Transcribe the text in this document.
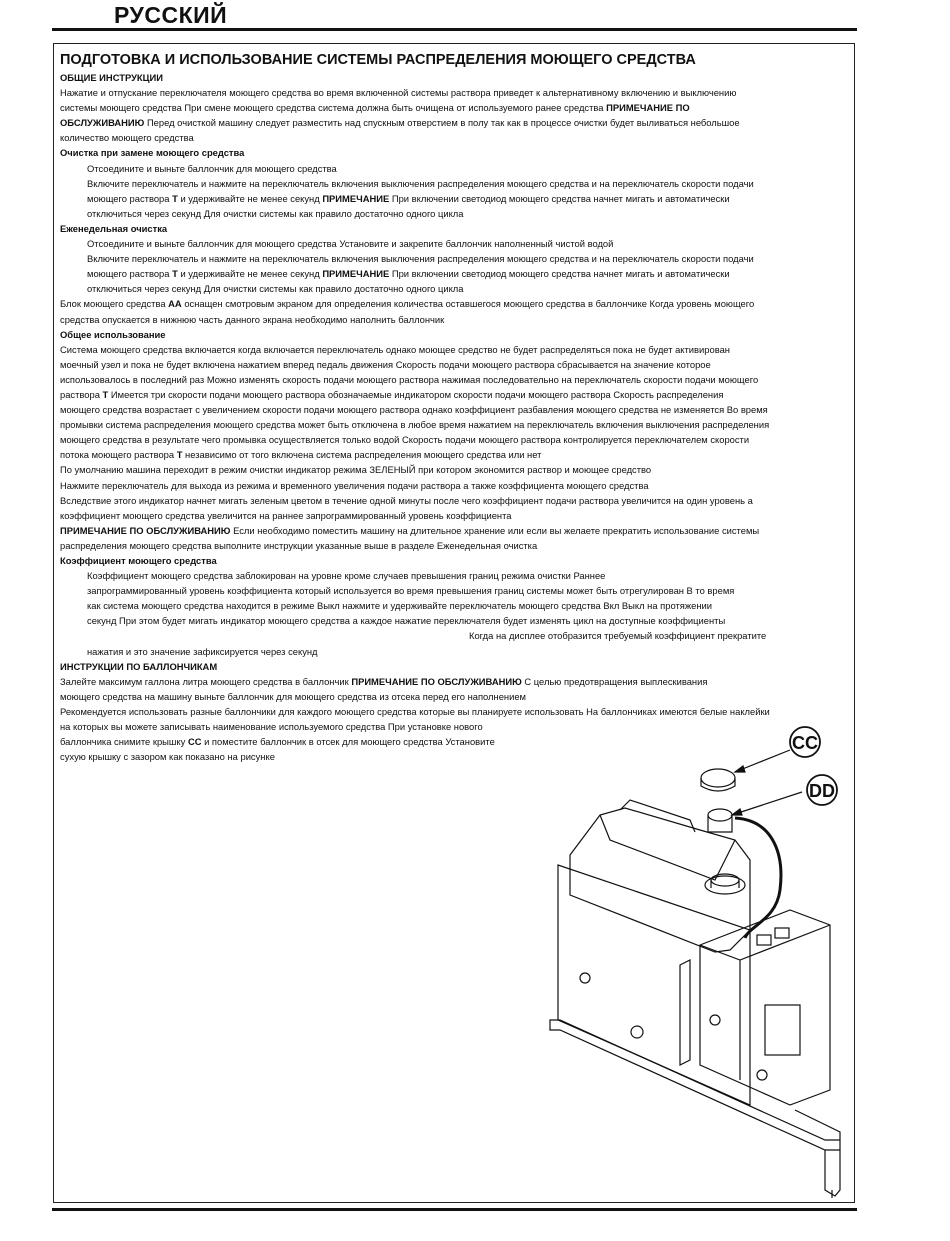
РУССКИЙ
ПОДГОТОВКА И ИСПОЛЬЗОВАНИЕ СИСТЕМЫ РАСПРЕДЕЛЕНИЯ МОЮЩЕГО СРЕДСТВА
ОБЩИЕ ИНСТРУКЦИИ
Нажатие и отпускание переключателя моющего средства во время включенной системы раствора приведет к альтернативному включению и выключению
системы моющего средства При смене моющего средства система должна быть очищена от используемого ранее средства ПРИМЕЧАНИЕ ПО
ОБСЛУЖИВАНИЮ Перед очисткой машину следует разместить над спускным отверстием в полу так как в процессе очистки будет выливаться небольшое
количество моющего средства
Очистка при замене моющего средства
Отсоедините и выньте баллончик для моющего средства
Включите переключатель и нажмите на переключатель включения выключения распределения моющего средства и на переключатель скорости подачи
моющего раствора T и удерживайте не менее секунд ПРИМЕЧАНИЕ При включении светодиод моющего средства начнет мигать и автоматически
отключиться через секунд Для очистки системы как правило достаточно одного цикла
Еженедельная очистка
Отсоедините и выньте баллончик для моющего средства Установите и закрепите баллончик наполненный чистой водой
Включите переключатель и нажмите на переключатель включения выключения распределения моющего средства и на переключатель скорости подачи
моющего раствора T и удерживайте не менее секунд ПРИМЕЧАНИЕ При включении светодиод моющего средства начнет мигать и автоматически
отключиться через секунд Для очистки системы как правило достаточно одного цикла
Блок моющего средства AA оснащен смотровым экраном для определения количества оставшегося моющего средства в баллончике Когда уровень моющего
средства опускается в нижнюю часть данного экрана необходимо наполнить баллончик
Общее использование
Система моющего средства включается когда включается переключатель однако моющее средство не будет распределяться пока не будет активирован
моечный узел и пока не будет включена нажатием вперед педаль движения Скорость подачи моющего раствора сбрасывается на значение которое
использовалось в последний раз Можно изменять скорость подачи моющего раствора нажимая последовательно на переключатель скорости подачи моющего
раствора T Имеется три скорости подачи моющего раствора обозначаемые индикатором скорости подачи моющего раствора Скорость распределения
моющего средства возрастает с увеличением скорости подачи моющего раствора однако коэффициент разбавления моющего средства не изменяется Во время
промывки система распределения моющего средства может быть отключена в любое время нажатием на переключатель включения выключения распределения
моющего средства в результате чего промывка осуществляется только водой Скорость подачи моющего раствора контролируется переключателем скорости
потока моющего раствора T независимо от того включена система распределения моющего средства или нет
По умолчанию машина переходит в режим очистки индикатор режима ЗЕЛЕНЫЙ при котором экономится раствор и моющее средство
Нажмите переключатель для выхода из режима и временного увеличения подачи раствора а также коэффициента моющего средства
Вследствие этого индикатор начнет мигать зеленым цветом в течение одной минуты после чего коэффициент подачи раствора увеличится на один уровень а
коэффициент моющего средства увеличится на раннее запрограммированный уровень коэффициента
ПРИМЕЧАНИЕ ПО ОБСЛУЖИВАНИЮ Если необходимо поместить машину на длительное хранение или если вы желаете прекратить использование системы
распределения моющего средства выполните инструкции указанные выше в разделе Еженедельная очистка
Коэффициент моющего средства
Коэффициент моющего средства заблокирован на уровне кроме случаев превышения границ режима очистки Раннее
запрограммированный уровень коэффициента который используется во время превышения границ системы может быть отрегулирован В то время
как система моющего средства находится в режиме Выкл нажмите и удерживайте переключатель моющего средства Вкл Выкл на протяжении
секунд При этом будет мигать индикатор моющего средства а каждое нажатие переключателя будет изменять цикл на доступные коэффициенты
Когда на дисплее отобразится требуемый коэффициент прекратите
нажатия и это значение зафиксируется через секунд
ИНСТРУКЦИИ ПО БАЛЛОНЧИКАМ
Залейте максимум галлона литра моющего средства в баллончик ПРИМЕЧАНИЕ ПО ОБСЛУЖИВАНИЮ С целью предотвращения выплескивания
моющего средства на машину выньте баллончик для моющего средства из отсека перед его наполнением
Рекомендуется использовать разные баллончики для каждого моющего средства которые вы планируете использовать На баллончиках имеются белые наклейки
на которых вы можете записывать наименование используемого средства При установке нового
баллончика снимите крышку CC и поместите баллончик в отсек для моющего средства Установите
сухую крышку с зазором как показано на рисунке
CC
DD
